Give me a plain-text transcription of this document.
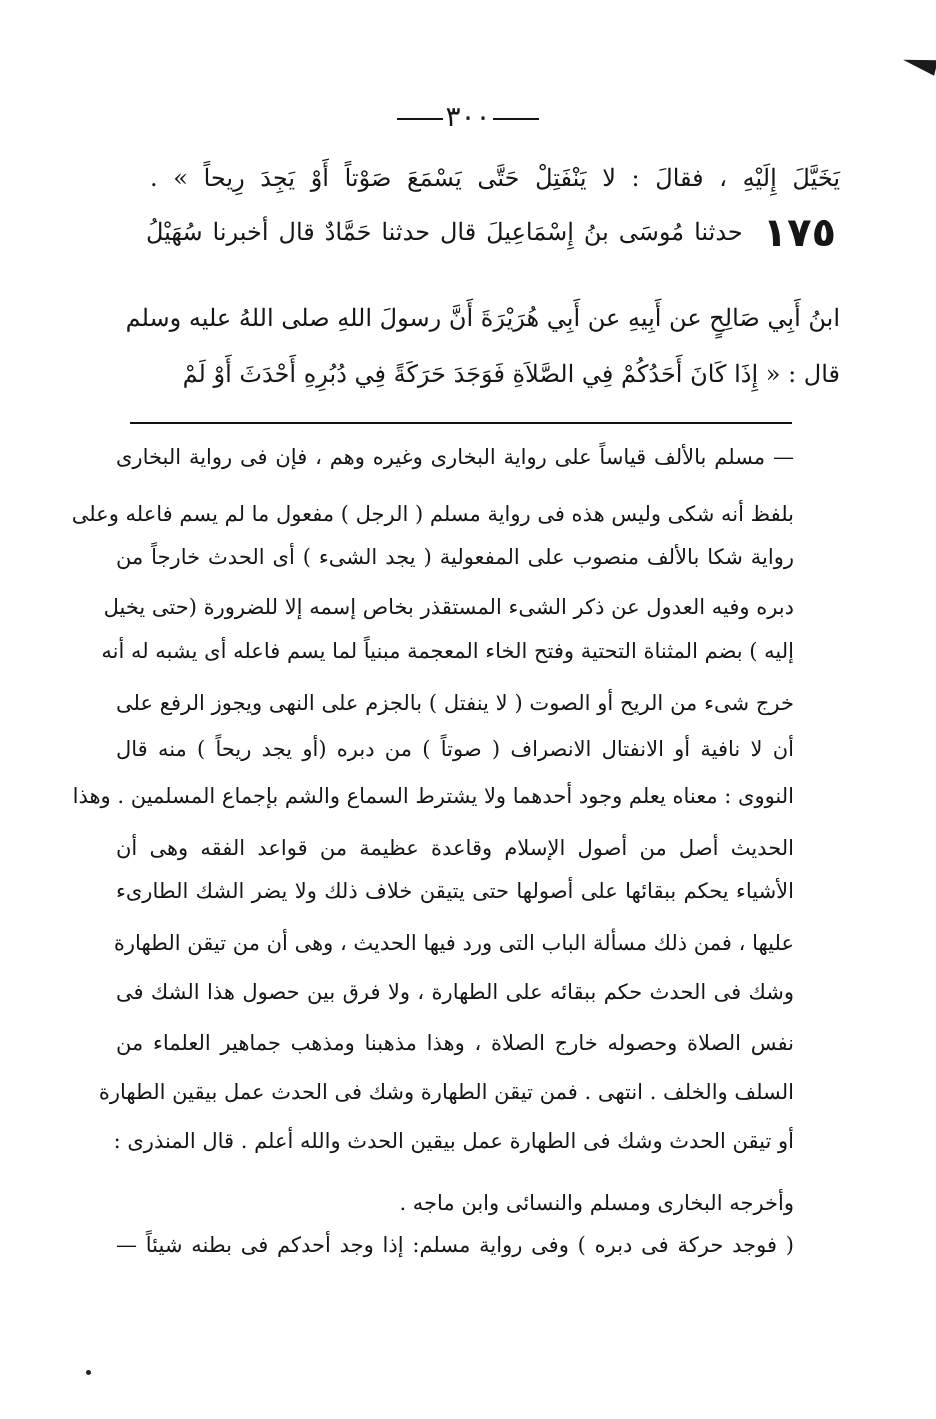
٣٠٠
يَخَيَّلَ إِلَيْهِ ، فقالَ : لا يَنْفَتِلْ حَتَّى يَسْمَعَ صَوْتاً أَوْ يَجِدَ رِيحاً » .
١٧٥ حدثنا مُوسَى بنُ إِسْمَاعِيلَ قال حدثنا حَمَّادٌ قال أخبرنا سُهَيْلُ
ابنُ أَبِي صَالِحٍ عن أَبِيهِ عن أَبِي هُرَيْرَةَ أَنَّ رسولَ اللهِ صلى اللهُ عليه وسلم
قال : « إِذَا كَانَ أَحَدُكُمْ فِي الصَّلاَةِ فَوَجَدَ حَرَكَةً فِي دُبُرِهِ أَحْدَثَ أَوْ لَمْ
— مسلم بالألف قياساً على رواية البخارى وغيره وهم ، فإن فى رواية البخارى
بلفظ أنه شكى وليس هذه فى رواية مسلم ( الرجل ) مفعول ما لم يسم فاعله وعلى
رواية شكا بالألف منصوب على المفعولية ( يجد الشىء ) أى الحدث خارجاً من
دبره وفيه العدول عن ذكر الشىء المستقذر بخاص إسمه إلا للضرورة (حتى يخيل
إليه ) بضم المثناة التحتية وفتح الخاء المعجمة مبنياً لما يسم فاعله أى يشبه له أنه
خرج شىء من الريح أو الصوت ( لا ينفتل ) بالجزم على النهى ويجوز الرفع على
أن لا نافية أو الانفتال الانصراف ( صوتاً ) من دبره (أو يجد ريحاً ) منه قال
النووى : معناه يعلم وجود أحدهما ولا يشترط السماع والشم بإجماع المسلمين . وهذا
الحديث أصل من أصول الإسلام وقاعدة عظيمة من قواعد الفقه وهى أن
الأشياء يحكم ببقائها على أصولها حتى يتيقن خلاف ذلك ولا يضر الشك الطارىء
عليها ، فمن ذلك مسألة الباب التى ورد فيها الحديث ، وهى أن من تيقن الطهارة
وشك فى الحدث حكم ببقائه على الطهارة ، ولا فرق بين حصول هذا الشك فى
نفس الصلاة وحصوله خارج الصلاة ، وهذا مذهبنا ومذهب جماهير العلماء من
السلف والخلف . انتهى . فمن تيقن الطهارة وشك فى الحدث عمل بيقين الطهارة
أو تيقن الحدث وشك فى الطهارة عمل بيقين الحدث والله أعلم . قال المنذرى :
وأخرجه البخارى ومسلم والنسائى وابن ماجه .
( فوجد حركة فى دبره ) وفى رواية مسلم: إذا وجد أحدكم فى بطنه شيئاً —
